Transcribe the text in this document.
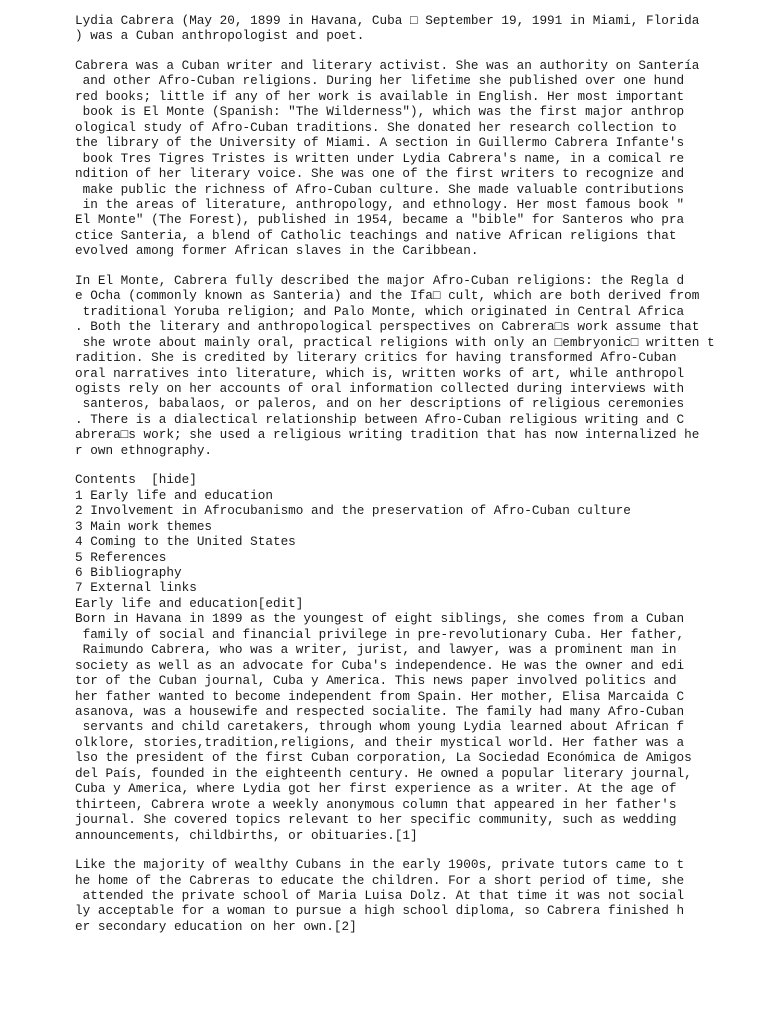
Lydia Cabrera (May 20, 1899 in Havana, Cuba □ September 19, 1991 in Miami, Florida
) was a Cuban anthropologist and poet.
Cabrera was a Cuban writer and literary activist. She was an authority on Santería
and other Afro-Cuban religions. During her lifetime she published over one hund
red books; little if any of her work is available in English. Her most important
book is El Monte (Spanish: "The Wilderness"), which was the first major anthrop
ological study of Afro-Cuban traditions. She donated her research collection to
the library of the University of Miami. A section in Guillermo Cabrera Infante's
book Tres Tigres Tristes is written under Lydia Cabrera's name, in a comical re
ndition of her literary voice. She was one of the first writers to recognize and
make public the richness of Afro-Cuban culture. She made valuable contributions
in the areas of literature, anthropology, and ethnology. Her most famous book "
El Monte" (The Forest), published in 1954, became a "bible" for Santeros who pra
ctice Santeria, a blend of Catholic teachings and native African religions that
evolved among former African slaves in the Caribbean.
In El Monte, Cabrera fully described the major Afro-Cuban religions: the Regla d
e Ocha (commonly known as Santeria) and the Ifa□ cult, which are both derived from
traditional Yoruba religion; and Palo Monte, which originated in Central Africa
. Both the literary and anthropological perspectives on Cabrera□s work assume that
she wrote about mainly oral, practical religions with only an □embryonic□ written t
radition. She is credited by literary critics for having transformed Afro-Cuban
oral narratives into literature, which is, written works of art, while anthropol
ogists rely on her accounts of oral information collected during interviews with
santeros, babalaos, or paleros, and on her descriptions of religious ceremonies
. There is a dialectical relationship between Afro-Cuban religious writing and C
abrera□s work; she used a religious writing tradition that has now internalized he
r own ethnography.
Contents  [hide]
1 Early life and education
2 Involvement in Afrocubanismo and the preservation of Afro-Cuban culture
3 Main work themes
4 Coming to the United States
5 References
6 Bibliography
7 External links
Early life and education[edit]
Born in Havana in 1899 as the youngest of eight siblings, she comes from a Cuban
family of social and financial privilege in pre-revolutionary Cuba. Her father,
Raimundo Cabrera, who was a writer, jurist, and lawyer, was a prominent man in
society as well as an advocate for Cuba's independence. He was the owner and edi
tor of the Cuban journal, Cuba y America. This news paper involved politics and
her father wanted to become independent from Spain. Her mother, Elisa Marcaida C
asanova, was a housewife and respected socialite. The family had many Afro-Cuban
servants and child caretakers, through whom young Lydia learned about African f
olklore, stories,tradition,religions, and their mystical world. Her father was a
lso the president of the first Cuban corporation, La Sociedad Económica de Amigos
del País, founded in the eighteenth century. He owned a popular literary journal,
Cuba y America, where Lydia got her first experience as a writer. At the age of
thirteen, Cabrera wrote a weekly anonymous column that appeared in her father's
journal. She covered topics relevant to her specific community, such as wedding
announcements, childbirths, or obituaries.[1]
Like the majority of wealthy Cubans in the early 1900s, private tutors came to t
he home of the Cabreras to educate the children. For a short period of time, she
attended the private school of Maria Luisa Dolz. At that time it was not social
ly acceptable for a woman to pursue a high school diploma, so Cabrera finished h
er secondary education on her own.[2]
